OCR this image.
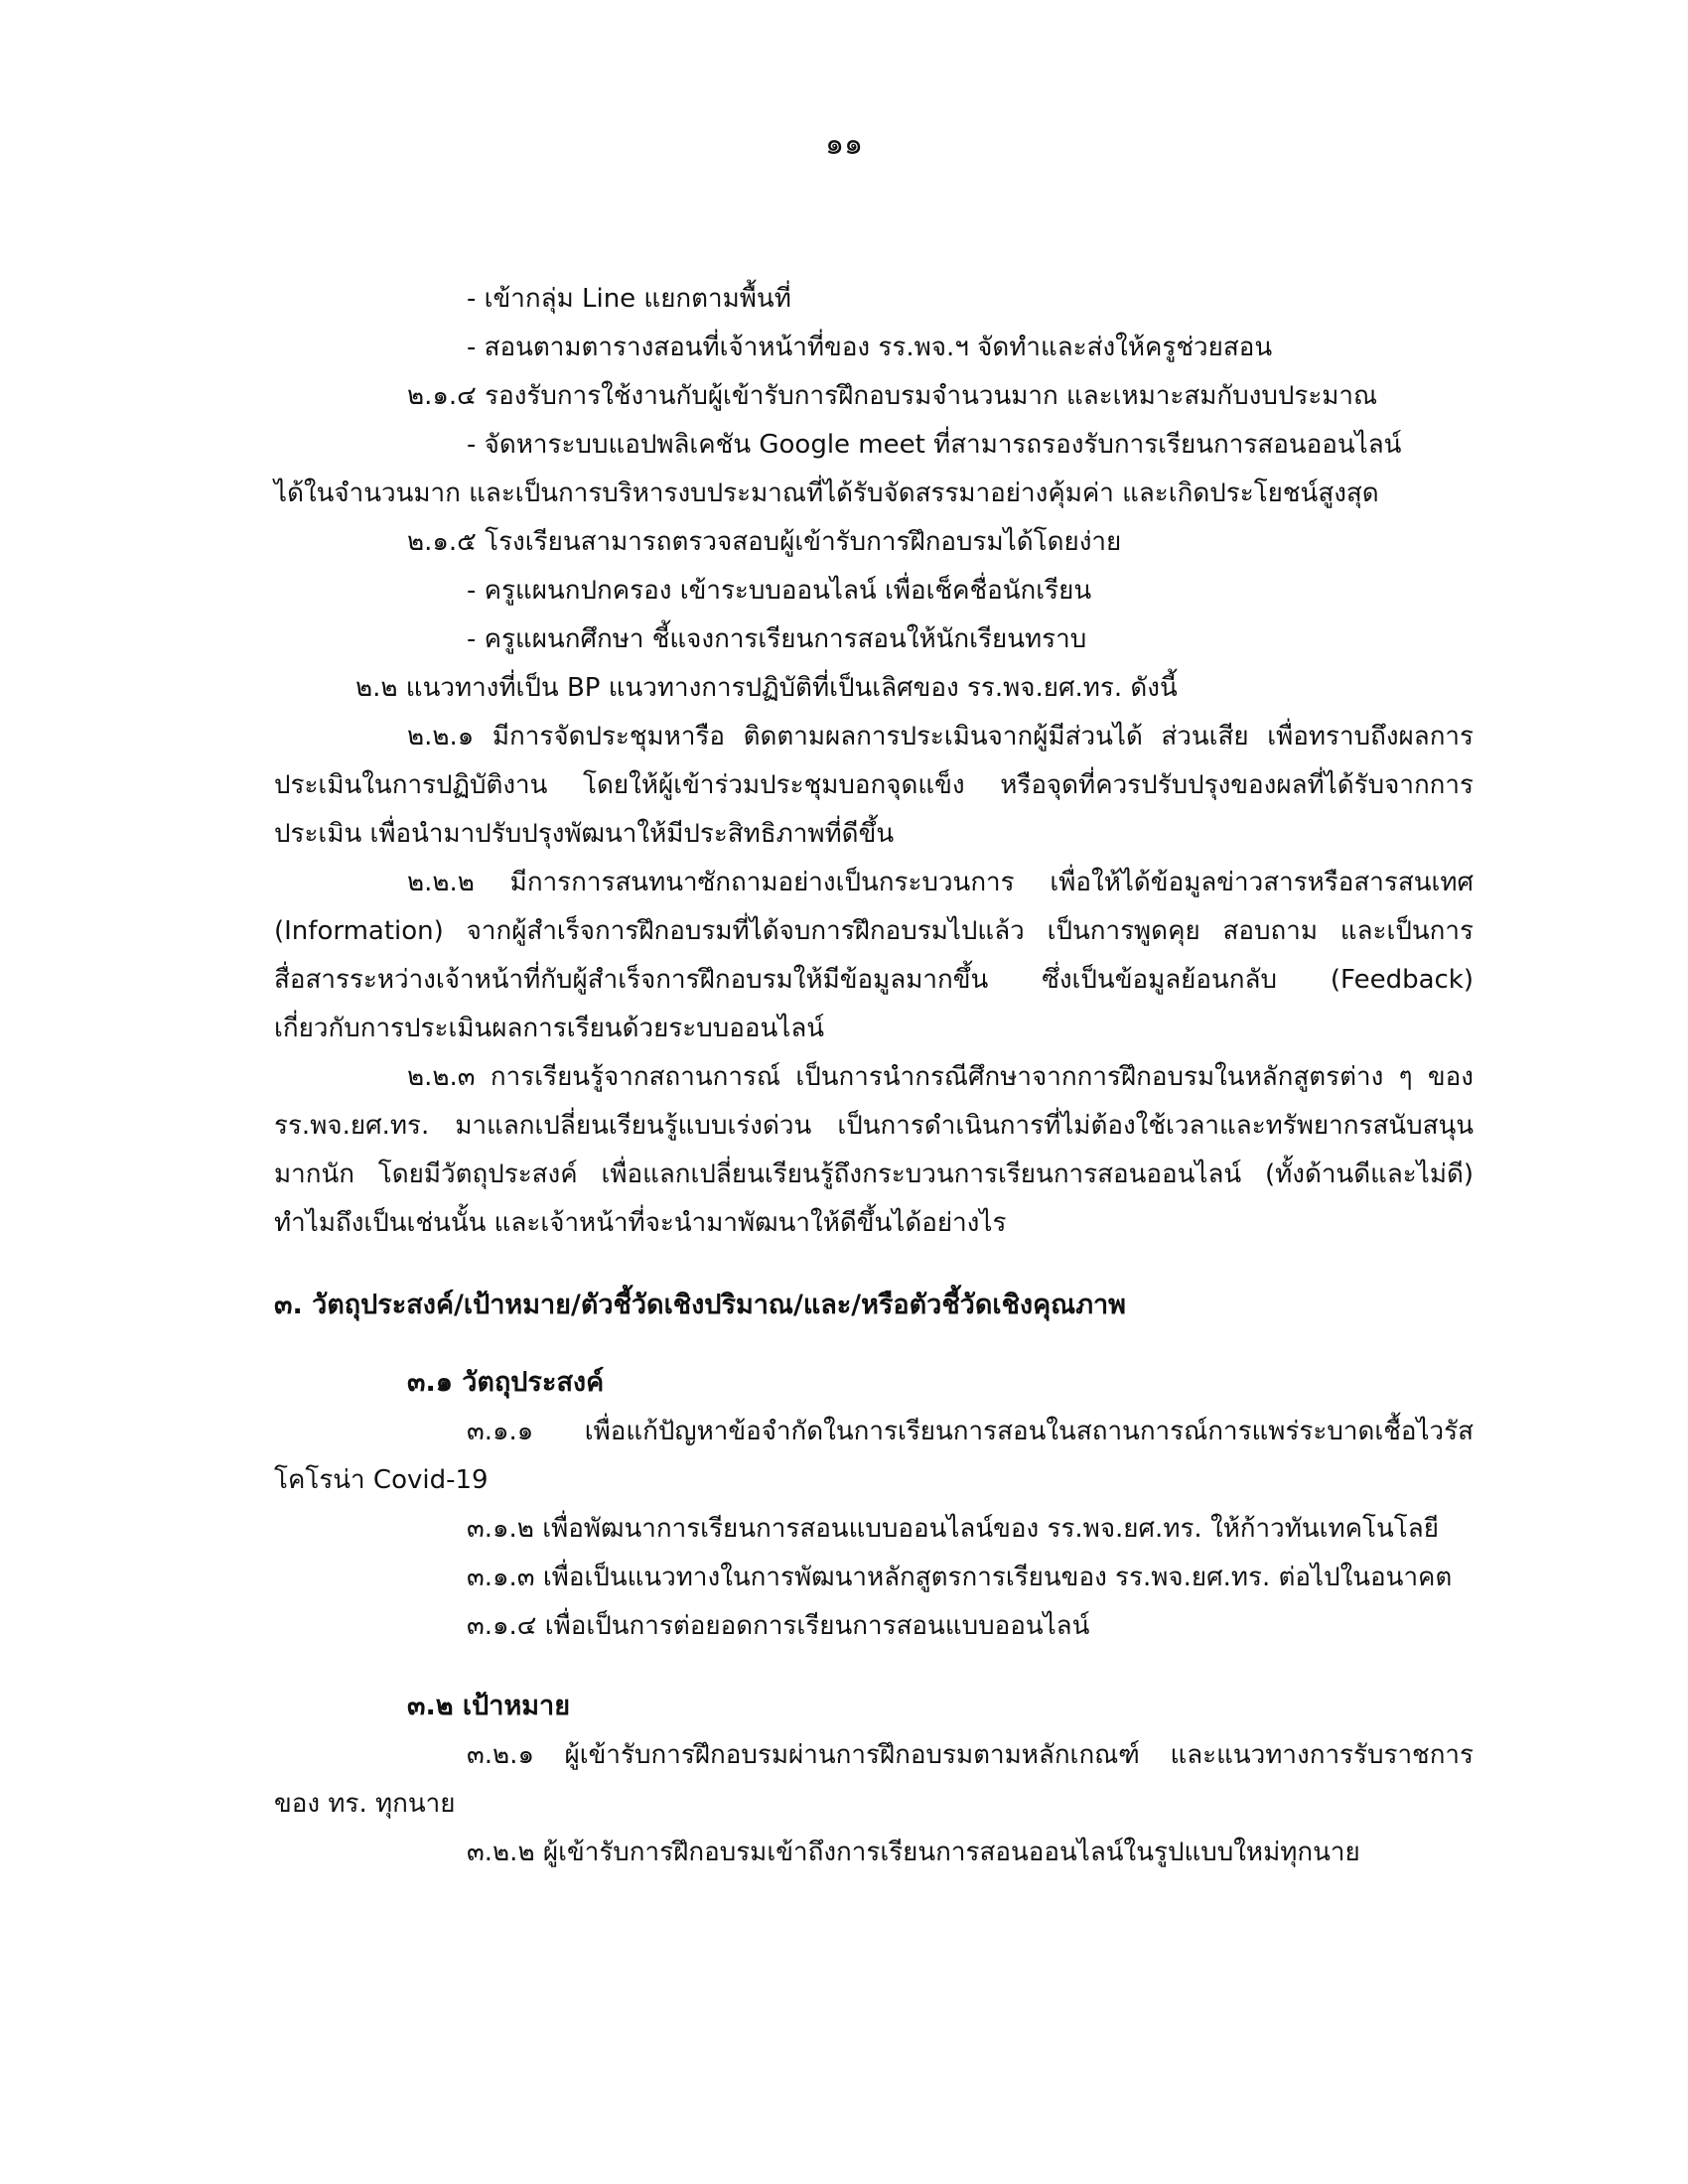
๑๑

- เข้ากลุ่ม Line แยกตามพื้นที่

- สอนตามตารางสอนที่เจ้าหน้าที่ของ รร.พจ.ฯ จัดทำและส่งให้ครูช่วยสอน

๒.๑.๔ รองรับการใช้งานกับผู้เข้ารับการฝึกอบรมจำนวนมาก และเหมาะสมกับงบประมาณ

- จัดหาระบบแอปพลิเคชัน Google meet ที่สามารถรองรับการเรียนการสอนออนไลน์

ได้ในจำนวนมาก และเป็นการบริหารงบประมาณที่ได้รับจัดสรรมาอย่างคุ้มค่า และเกิดประโยชน์สูงสุด

๒.๑.๕ โรงเรียนสามารถตรวจสอบผู้เข้ารับการฝึกอบรมได้โดยง่าย

- ครูแผนกปกครอง เข้าระบบออนไลน์ เพื่อเช็คชื่อนักเรียน

- ครูแผนกศึกษา ชี้แจงการเรียนการสอนให้นักเรียนทราบ

๒.๒ แนวทางที่เป็น BP แนวทางการปฏิบัติที่เป็นเลิศของ รร.พจ.ยศ.ทร. ดังนี้

๒.๒.๑ มีการจัดประชุมหารือ ติดตามผลการประเมินจากผู้มีส่วนได้ ส่วนเสีย เพื่อทราบถึงผลการ

ประเมินในการปฏิบัติงาน โดยให้ผู้เข้าร่วมประชุมบอกจุดแข็ง หรือจุดที่ควรปรับปรุงของผลที่ได้รับจากการ

ประเมิน เพื่อนำมาปรับปรุงพัฒนาให้มีประสิทธิภาพที่ดีขึ้น

๒.๒.๒ มีการการสนทนาซักถามอย่างเป็นกระบวนการ เพื่อให้ได้ข้อมูลข่าวสารหรือสารสนเทศ

(Information) จากผู้สำเร็จการฝึกอบรมที่ได้จบการฝึกอบรมไปแล้ว เป็นการพูดคุย สอบถาม และเป็นการ

สื่อสารระหว่างเจ้าหน้าที่กับผู้สำเร็จการฝึกอบรมให้มีข้อมูลมากขึ้น ซึ่งเป็นข้อมูลย้อนกลับ (Feedback)

เกี่ยวกับการประเมินผลการเรียนด้วยระบบออนไลน์

๒.๒.๓ การเรียนรู้จากสถานการณ์ เป็นการนำกรณีศึกษาจากการฝึกอบรมในหลักสูตรต่าง ๆ ของ

รร.พจ.ยศ.ทร. มาแลกเปลี่ยนเรียนรู้แบบเร่งด่วน เป็นการดำเนินการที่ไม่ต้องใช้เวลาและทรัพยากรสนับสนุน

มากนัก โดยมีวัตถุประสงค์ เพื่อแลกเปลี่ยนเรียนรู้ถึงกระบวนการเรียนการสอนออนไลน์ (ทั้งด้านดีและไม่ดี)

ทำไมถึงเป็นเช่นนั้น และเจ้าหน้าที่จะนำมาพัฒนาให้ดีขึ้นได้อย่างไร

๓. วัตถุประสงค์/เป้าหมาย/ตัวชี้วัดเชิงปริมาณ/และ/หรือตัวชี้วัดเชิงคุณภาพ

๓.๑ วัตถุประสงค์

๓.๑.๑ เพื่อแก้ปัญหาข้อจำกัดในการเรียนการสอนในสถานการณ์การแพร่ระบาดเชื้อไวรัส

โคโรน่า Covid-19

๓.๑.๒ เพื่อพัฒนาการเรียนการสอนแบบออนไลน์ของ รร.พจ.ยศ.ทร. ให้ก้าวทันเทคโนโลยี

๓.๑.๓ เพื่อเป็นแนวทางในการพัฒนาหลักสูตรการเรียนของ รร.พจ.ยศ.ทร. ต่อไปในอนาคต

๓.๑.๔ เพื่อเป็นการต่อยอดการเรียนการสอนแบบออนไลน์

๓.๒ เป้าหมาย

๓.๒.๑ ผู้เข้ารับการฝึกอบรมผ่านการฝึกอบรมตามหลักเกณฑ์ และแนวทางการรับราชการ

ของ ทร. ทุกนาย

๓.๒.๒ ผู้เข้ารับการฝึกอบรมเข้าถึงการเรียนการสอนออนไลน์ในรูปแบบใหม่ทุกนาย
